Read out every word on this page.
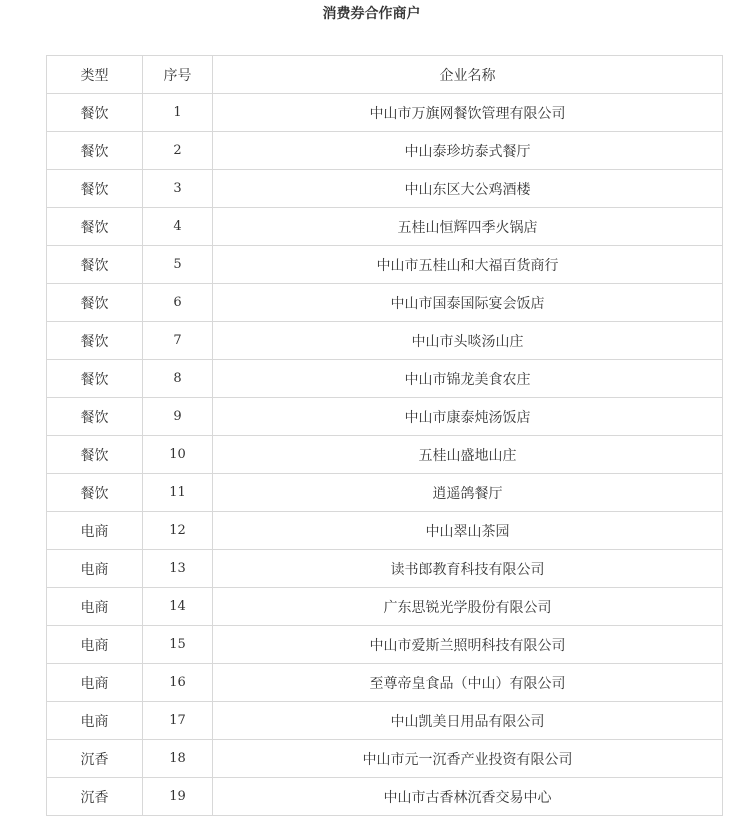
消费券合作商户
类型	序号	企业名称
餐饮	1	中山市万旗网餐饮管理有限公司
餐饮	2	中山泰珍坊泰式餐厅
餐饮	3	中山东区大公鸡酒楼
餐饮	4	五桂山恒辉四季火锅店
餐饮	5	中山市五桂山和大福百货商行
餐饮	6	中山市国泰国际宴会饭店
餐饮	7	中山市头啖汤山庄
餐饮	8	中山市锦龙美食农庄
餐饮	9	中山市康泰炖汤饭店
餐饮	10	五桂山盛地山庄
餐饮	11	逍遥鸽餐厅
电商	12	中山翠山茶园
电商	13	读书郎教育科技有限公司
电商	14	广东思锐光学股份有限公司
电商	15	中山市爱斯兰照明科技有限公司
电商	16	至尊帝皇食品（中山）有限公司
电商	17	中山凯美日用品有限公司
沉香	18	中山市元一沉香产业投资有限公司
沉香	19	中山市古香林沉香交易中心
